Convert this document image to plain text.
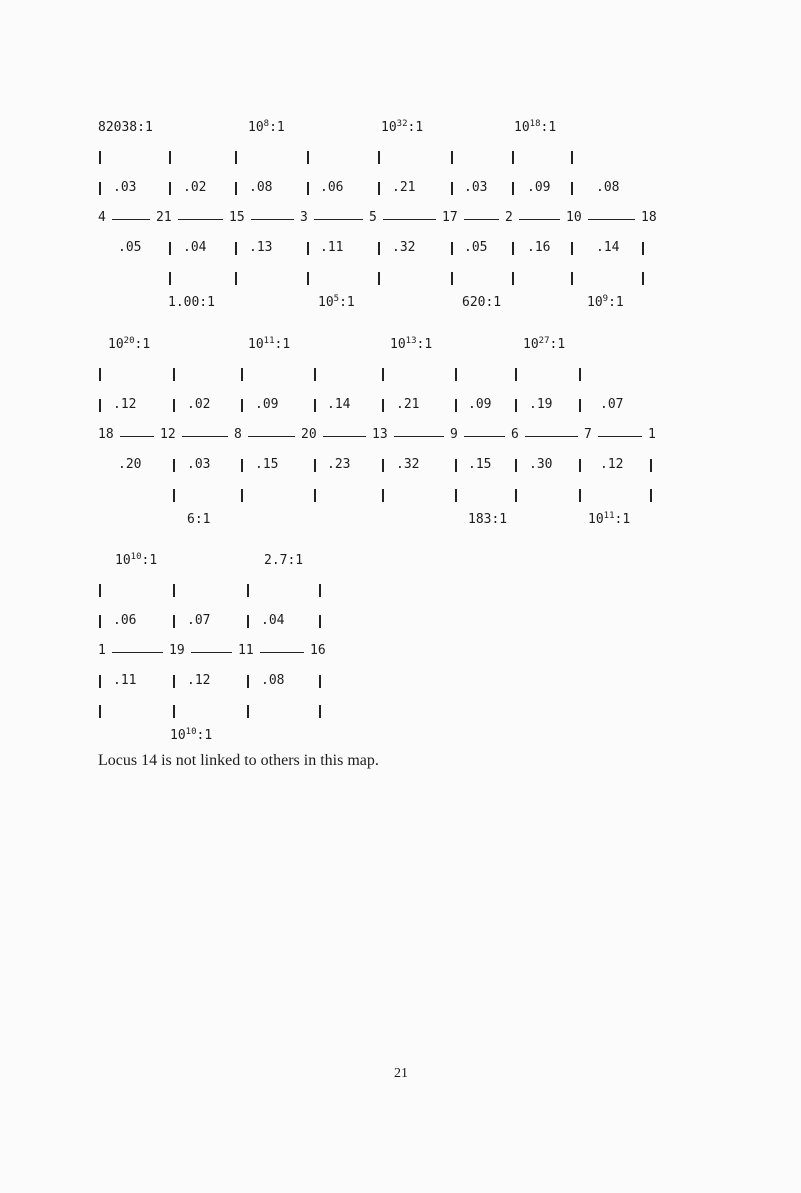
Locus 14 is not linked to others in this map.
21
82038:1	$10^8:1$	$10^{32}:1$	$10^{18}:1$
.03	.02	.08	.06	.21	.03	.09	.08
4	21	15	3	5	17	2	10	18
.05	.04	.13	.11	.32	.05	.16	.14
1.00:1	$10^5:1$	620:1	$10^9:1$
$10^{20}:1$	$10^{11}:1$	$10^{13}:1$	$10^{27}:1$
.12	.02	.09	.14	.21	.09	.19	.07
18	12	8	20	13	9	6	7	1
.20	.03	.15	.23	.32	.15	.30	.12
6:1	183:1	$10^{11}:1$
$10^{10}:1$	2.7:1
.06	.07	.04
1	19	11	16
.11	.12	.08
$10^{10}:1$
